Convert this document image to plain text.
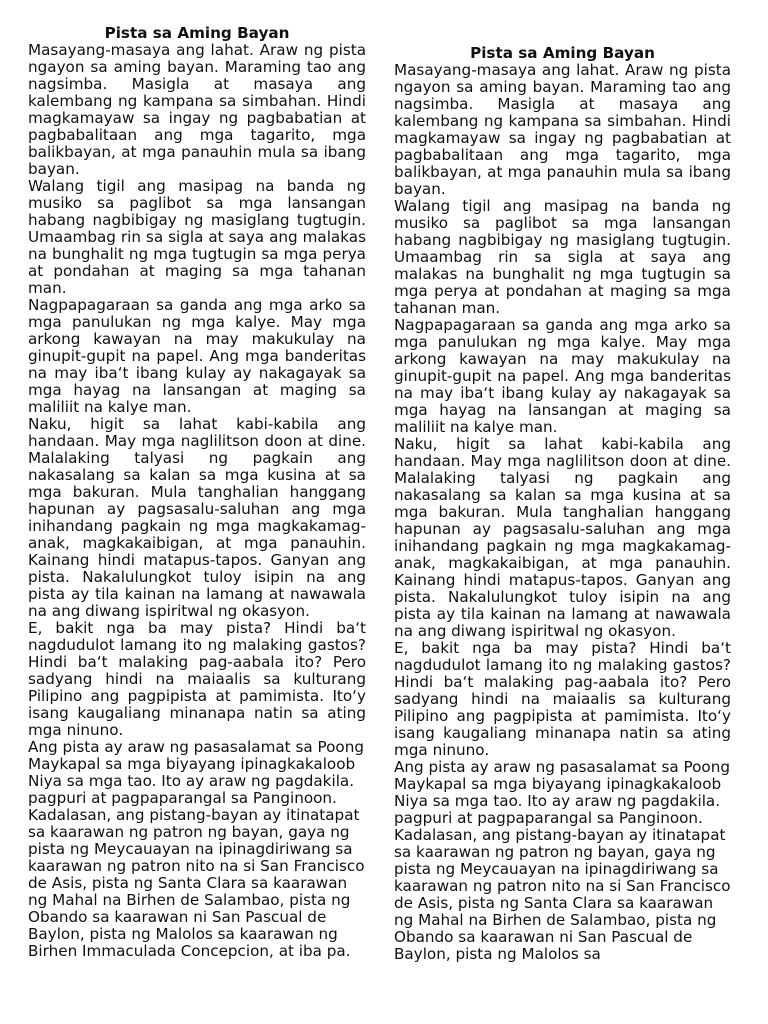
Pista sa Aming Bayan

Masayang-masaya ang lahat. Araw ng pista ngayon sa aming bayan. Maraming tao ang nagsimba. Masigla at masaya ang kalembang ng kampana sa simbahan. Hindi magkamayaw sa ingay ng pagbabatian at pagbabalitaan ang mga tagarito, mga balikbayan, at mga panauhin mula sa ibang bayan.

Walang tigil ang masipag na banda ng musiko sa paglibot sa mga lansangan habang nagbibigay ng masiglang tugtugin. Umaambag rin sa sigla at saya ang malakas na bunghalit ng mga tugtugin sa mga perya at pondahan at maging sa mga tahanan man.

Nagpapagaraan sa ganda ang mga arko sa mga panulukan ng mga kalye. May mga arkong kawayan na may makukulay na ginupit-gupit na papel. Ang mga banderitas na may iba‘t ibang kulay ay nakagayak sa mga hayag na lansangan at maging sa maliliit na kalye man.

Naku, higit sa lahat kabi-kabila ang handaan. May mga naglilitson doon at dine. Malalaking talyasi ng pagkain ang nakasalang sa kalan sa mga kusina at sa mga bakuran. Mula tanghalian hanggang hapunan ay pagsasalu-saluhan ang mga inihandang pagkain ng mga magkakamag-anak, magkakaibigan, at mga panauhin. Kainang hindi matapus-tapos. Ganyan ang pista. Nakalulungkot tuloy isipin na ang pista ay tila kainan na lamang at nawawala na ang diwang ispiritwal ng okasyon.

E, bakit nga ba may pista? Hindi ba‘t nagdudulot lamang ito ng malaking gastos? Hindi ba‘t malaking pag-aabala ito? Pero sadyang hindi na maiaalis sa kulturang Pilipino ang pagpipista at pamimista. Ito‘y isang kaugaliang minanapa natin sa ating mga ninuno.

Ang pista ay araw ng pasasalamat sa Poong Maykapal sa mga biyayang ipinagkakaloob Niya sa mga tao. Ito ay araw ng pagdakila. pagpuri at pagpaparangal sa Panginoon. Kadalasan, ang pistang-bayan ay itinatapat sa kaarawan ng patron ng bayan, gaya ng pista ng Meycauayan na ipinagdiriwang sa kaarawan ng patron nito na si San Francisco de Asis, pista ng Santa Clara sa kaarawan ng Mahal na Birhen de Salambao, pista ng Obando sa kaarawan ni San Pascual de Baylon, pista ng Malolos sa kaarawan ng Birhen Immaculada Concepcion, at iba pa.

Pista sa Aming Bayan

Masayang-masaya ang lahat. Araw ng pista ngayon sa aming bayan. Maraming tao ang nagsimba. Masigla at masaya ang kalembang ng kampana sa simbahan. Hindi magkamayaw sa ingay ng pagbabatian at pagbabalitaan ang mga tagarito, mga balikbayan, at mga panauhin mula sa ibang bayan.

Walang tigil ang masipag na banda ng musiko sa paglibot sa mga lansangan habang nagbibigay ng masiglang tugtugin. Umaambag rin sa sigla at saya ang malakas na bunghalit ng mga tugtugin sa mga perya at pondahan at maging sa mga tahanan man.

Nagpapagaraan sa ganda ang mga arko sa mga panulukan ng mga kalye. May mga arkong kawayan na may makukulay na ginupit-gupit na papel. Ang mga banderitas na may iba‘t ibang kulay ay nakagayak sa mga hayag na lansangan at maging sa maliliit na kalye man.

Naku, higit sa lahat kabi-kabila ang handaan. May mga naglilitson doon at dine. Malalaking talyasi ng pagkain ang nakasalang sa kalan sa mga kusina at sa mga bakuran. Mula tanghalian hanggang hapunan ay pagsasalu-saluhan ang mga inihandang pagkain ng mga magkakamag-anak, magkakaibigan, at mga panauhin. Kainang hindi matapus-tapos. Ganyan ang pista. Nakalulungkot tuloy isipin na ang pista ay tila kainan na lamang at nawawala na ang diwang ispiritwal ng okasyon.

E, bakit nga ba may pista? Hindi ba‘t nagdudulot lamang ito ng malaking gastos? Hindi ba‘t malaking pag-aabala ito? Pero sadyang hindi na maiaalis sa kulturang Pilipino ang pagpipista at pamimista. Ito‘y isang kaugaliang minanapa natin sa ating mga ninuno.

Ang pista ay araw ng pasasalamat sa Poong Maykapal sa mga biyayang ipinagkakaloob Niya sa mga tao. Ito ay araw ng pagdakila. pagpuri at pagpaparangal sa Panginoon. Kadalasan, ang pistang-bayan ay itinatapat sa kaarawan ng patron ng bayan, gaya ng pista ng Meycauayan na ipinagdiriwang sa kaarawan ng patron nito na si San Francisco de Asis, pista ng Santa Clara sa kaarawan ng Mahal na Birhen de Salambao, pista ng Obando sa kaarawan ni San Pascual de Baylon, pista ng Malolos sa
